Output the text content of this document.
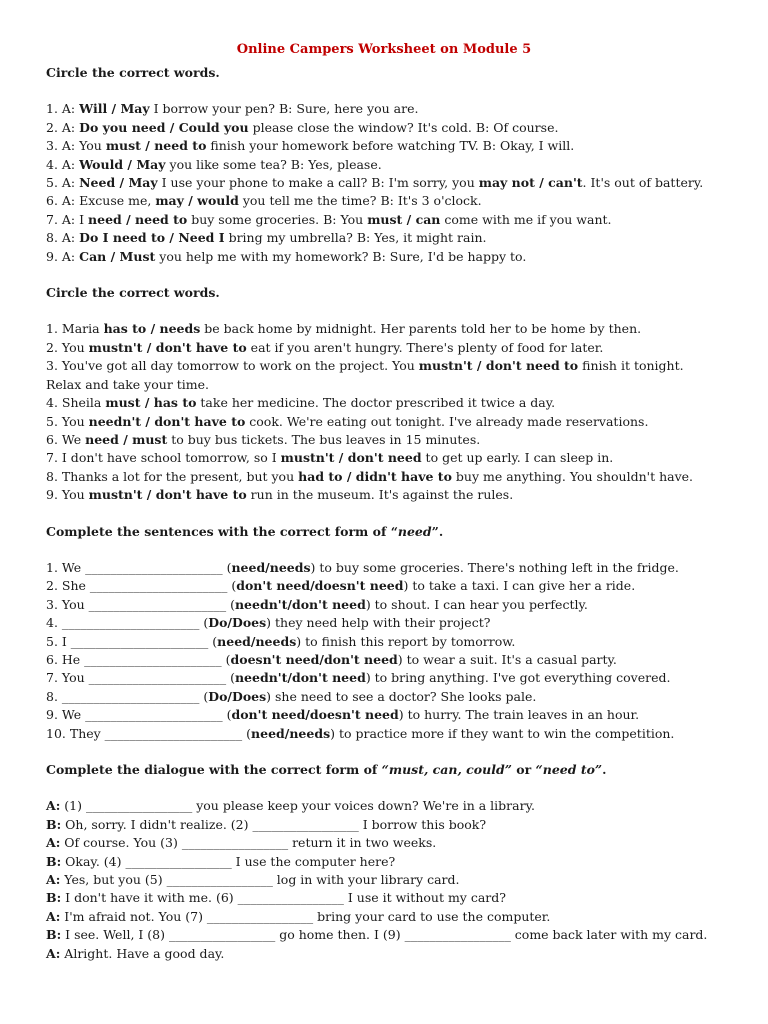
Online Campers Worksheet on Module 5
Circle the correct words.
1. A: Will / May I borrow your pen? B: Sure, here you are.
2. A: Do you need / Could you please close the window? It's cold. B: Of course.
3. A: You must / need to finish your homework before watching TV. B: Okay, I will.
4. A: Would / May you like some tea? B: Yes, please.
5. A: Need / May I use your phone to make a call? B: I'm sorry, you may not / can't. It's out of battery.
6. A: Excuse me, may / would you tell me the time? B: It's 3 o'clock.
7. A: I need / need to buy some groceries. B: You must / can come with me if you want.
8. A: Do I need to / Need I bring my umbrella? B: Yes, it might rain.
9. A: Can / Must you help me with my homework? B: Sure, I'd be happy to.
Circle the correct words.
1. Maria has to / needs be back home by midnight. Her parents told her to be home by then.
2. You mustn't / don't have to eat if you aren't hungry. There's plenty of food for later.
3. You've got all day tomorrow to work on the project. You mustn't / don't need to finish it tonight. Relax and take your time.
4. Sheila must / has to take her medicine. The doctor prescribed it twice a day.
5. You needn't / don't have to cook. We're eating out tonight. I've already made reservations.
6. We need / must to buy bus tickets. The bus leaves in 15 minutes.
7. I don't have school tomorrow, so I mustn't / don't need to get up early. I can sleep in.
8. Thanks a lot for the present, but you had to / didn't have to buy me anything. You shouldn't have.
9. You mustn't / don't have to run in the museum. It's against the rules.
Complete the sentences with the correct form of “need”.
1. We ______________________ (need/needs) to buy some groceries. There's nothing left in the fridge.
2. She ______________________ (don't need/doesn't need) to take a taxi. I can give her a ride.
3. You ______________________ (needn't/don't need) to shout. I can hear you perfectly.
4. ______________________ (Do/Does) they need help with their project?
5. I ______________________ (need/needs) to finish this report by tomorrow.
6. He ______________________ (doesn't need/don't need) to wear a suit. It's a casual party.
7. You ______________________ (needn't/don't need) to bring anything. I've got everything covered.
8. ______________________ (Do/Does) she need to see a doctor? She looks pale.
9. We ______________________ (don't need/doesn't need) to hurry. The train leaves in an hour.
10. They ______________________ (need/needs) to practice more if they want to win the competition.
Complete the dialogue with the correct form of “must, can, could” or “need to”.
A: (1) _________________ you please keep your voices down? We're in a library.
B: Oh, sorry. I didn't realize. (2) _________________ I borrow this book?
A: Of course. You (3) _________________ return it in two weeks.
B: Okay. (4) _________________ I use the computer here?
A: Yes, but you (5) _________________ log in with your library card.
B: I don't have it with me. (6) _________________ I use it without my card?
A: I'm afraid not. You (7) _________________ bring your card to use the computer.
B: I see. Well, I (8) _________________ go home then. I (9) _________________ come back later with my card.
A: Alright. Have a good day.
